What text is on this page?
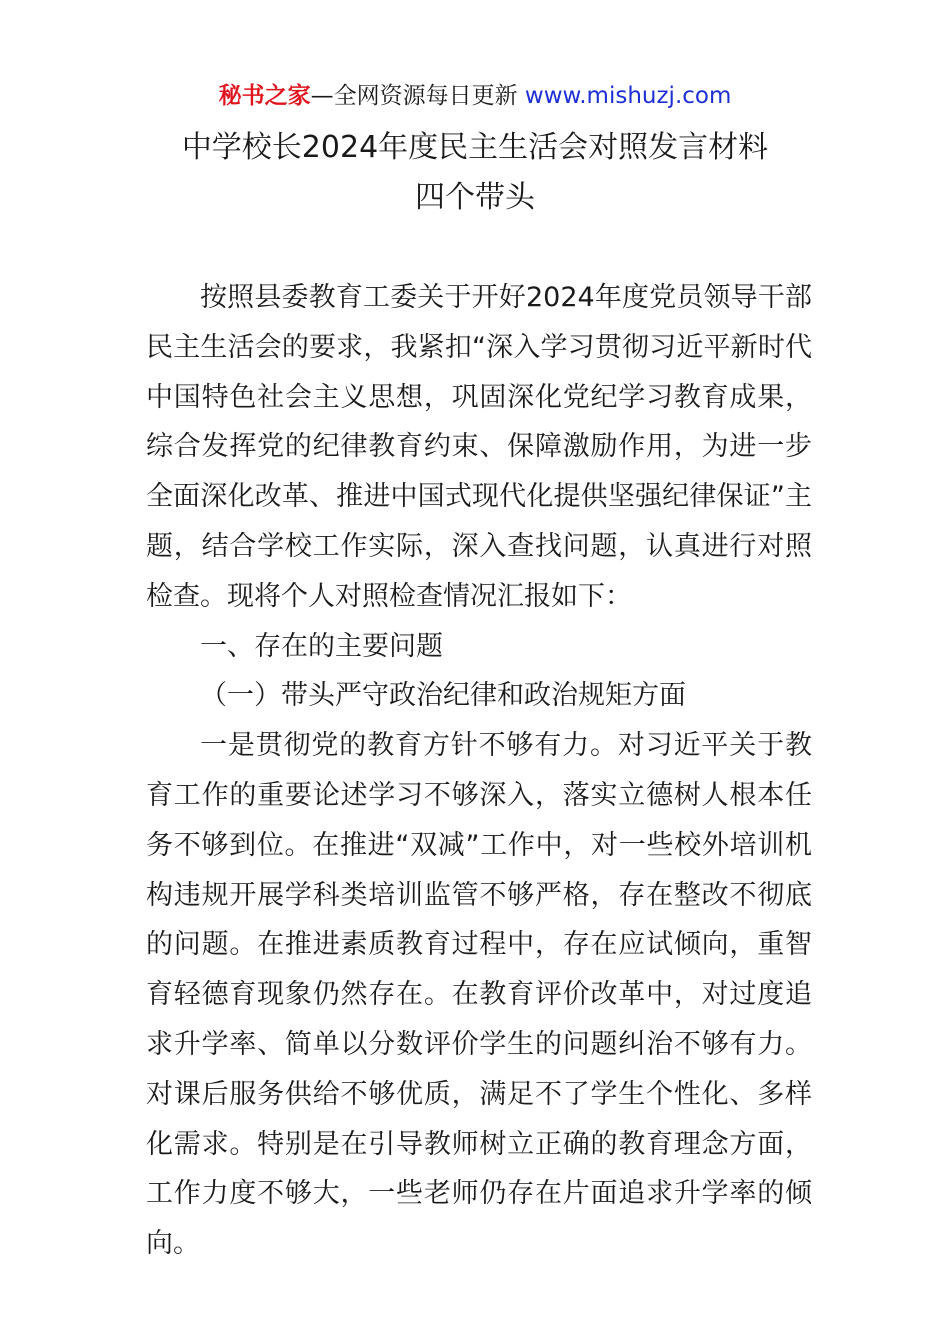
秘书之家—全网资源每日更新 www.mishuzj.com
中学校长2024年度民主生活会对照发言材料
四个带头

按照县委教育工委关于开好2024年度党员领导干部民主生活会的要求，我紧扣“深入学习贯彻习近平新时代中国特色社会主义思想，巩固深化党纪学习教育成果，综合发挥党的纪律教育约束、保障激励作用，为进一步全面深化改革、推进中国式现代化提供坚强纪律保证”主题，结合学校工作实际，深入查找问题，认真进行对照检查。现将个人对照检查情况汇报如下：

一、存在的主要问题

（一）带头严守政治纪律和政治规矩方面

一是贯彻党的教育方针不够有力。对习近平关于教育工作的重要论述学习不够深入，落实立德树人根本任务不够到位。在推进“双减”工作中，对一些校外培训机构违规开展学科类培训监管不够严格，存在整改不彻底的问题。在推进素质教育过程中，存在应试倾向，重智育轻德育现象仍然存在。在教育评价改革中，对过度追求升学率、简单以分数评价学生的问题纠治不够有力。对课后服务供给不够优质，满足不了学生个性化、多样化需求。特别是在引导教师树立正确的教育理念方面，工作力度不够大，一些老师仍存在片面追求升学率的倾向。
